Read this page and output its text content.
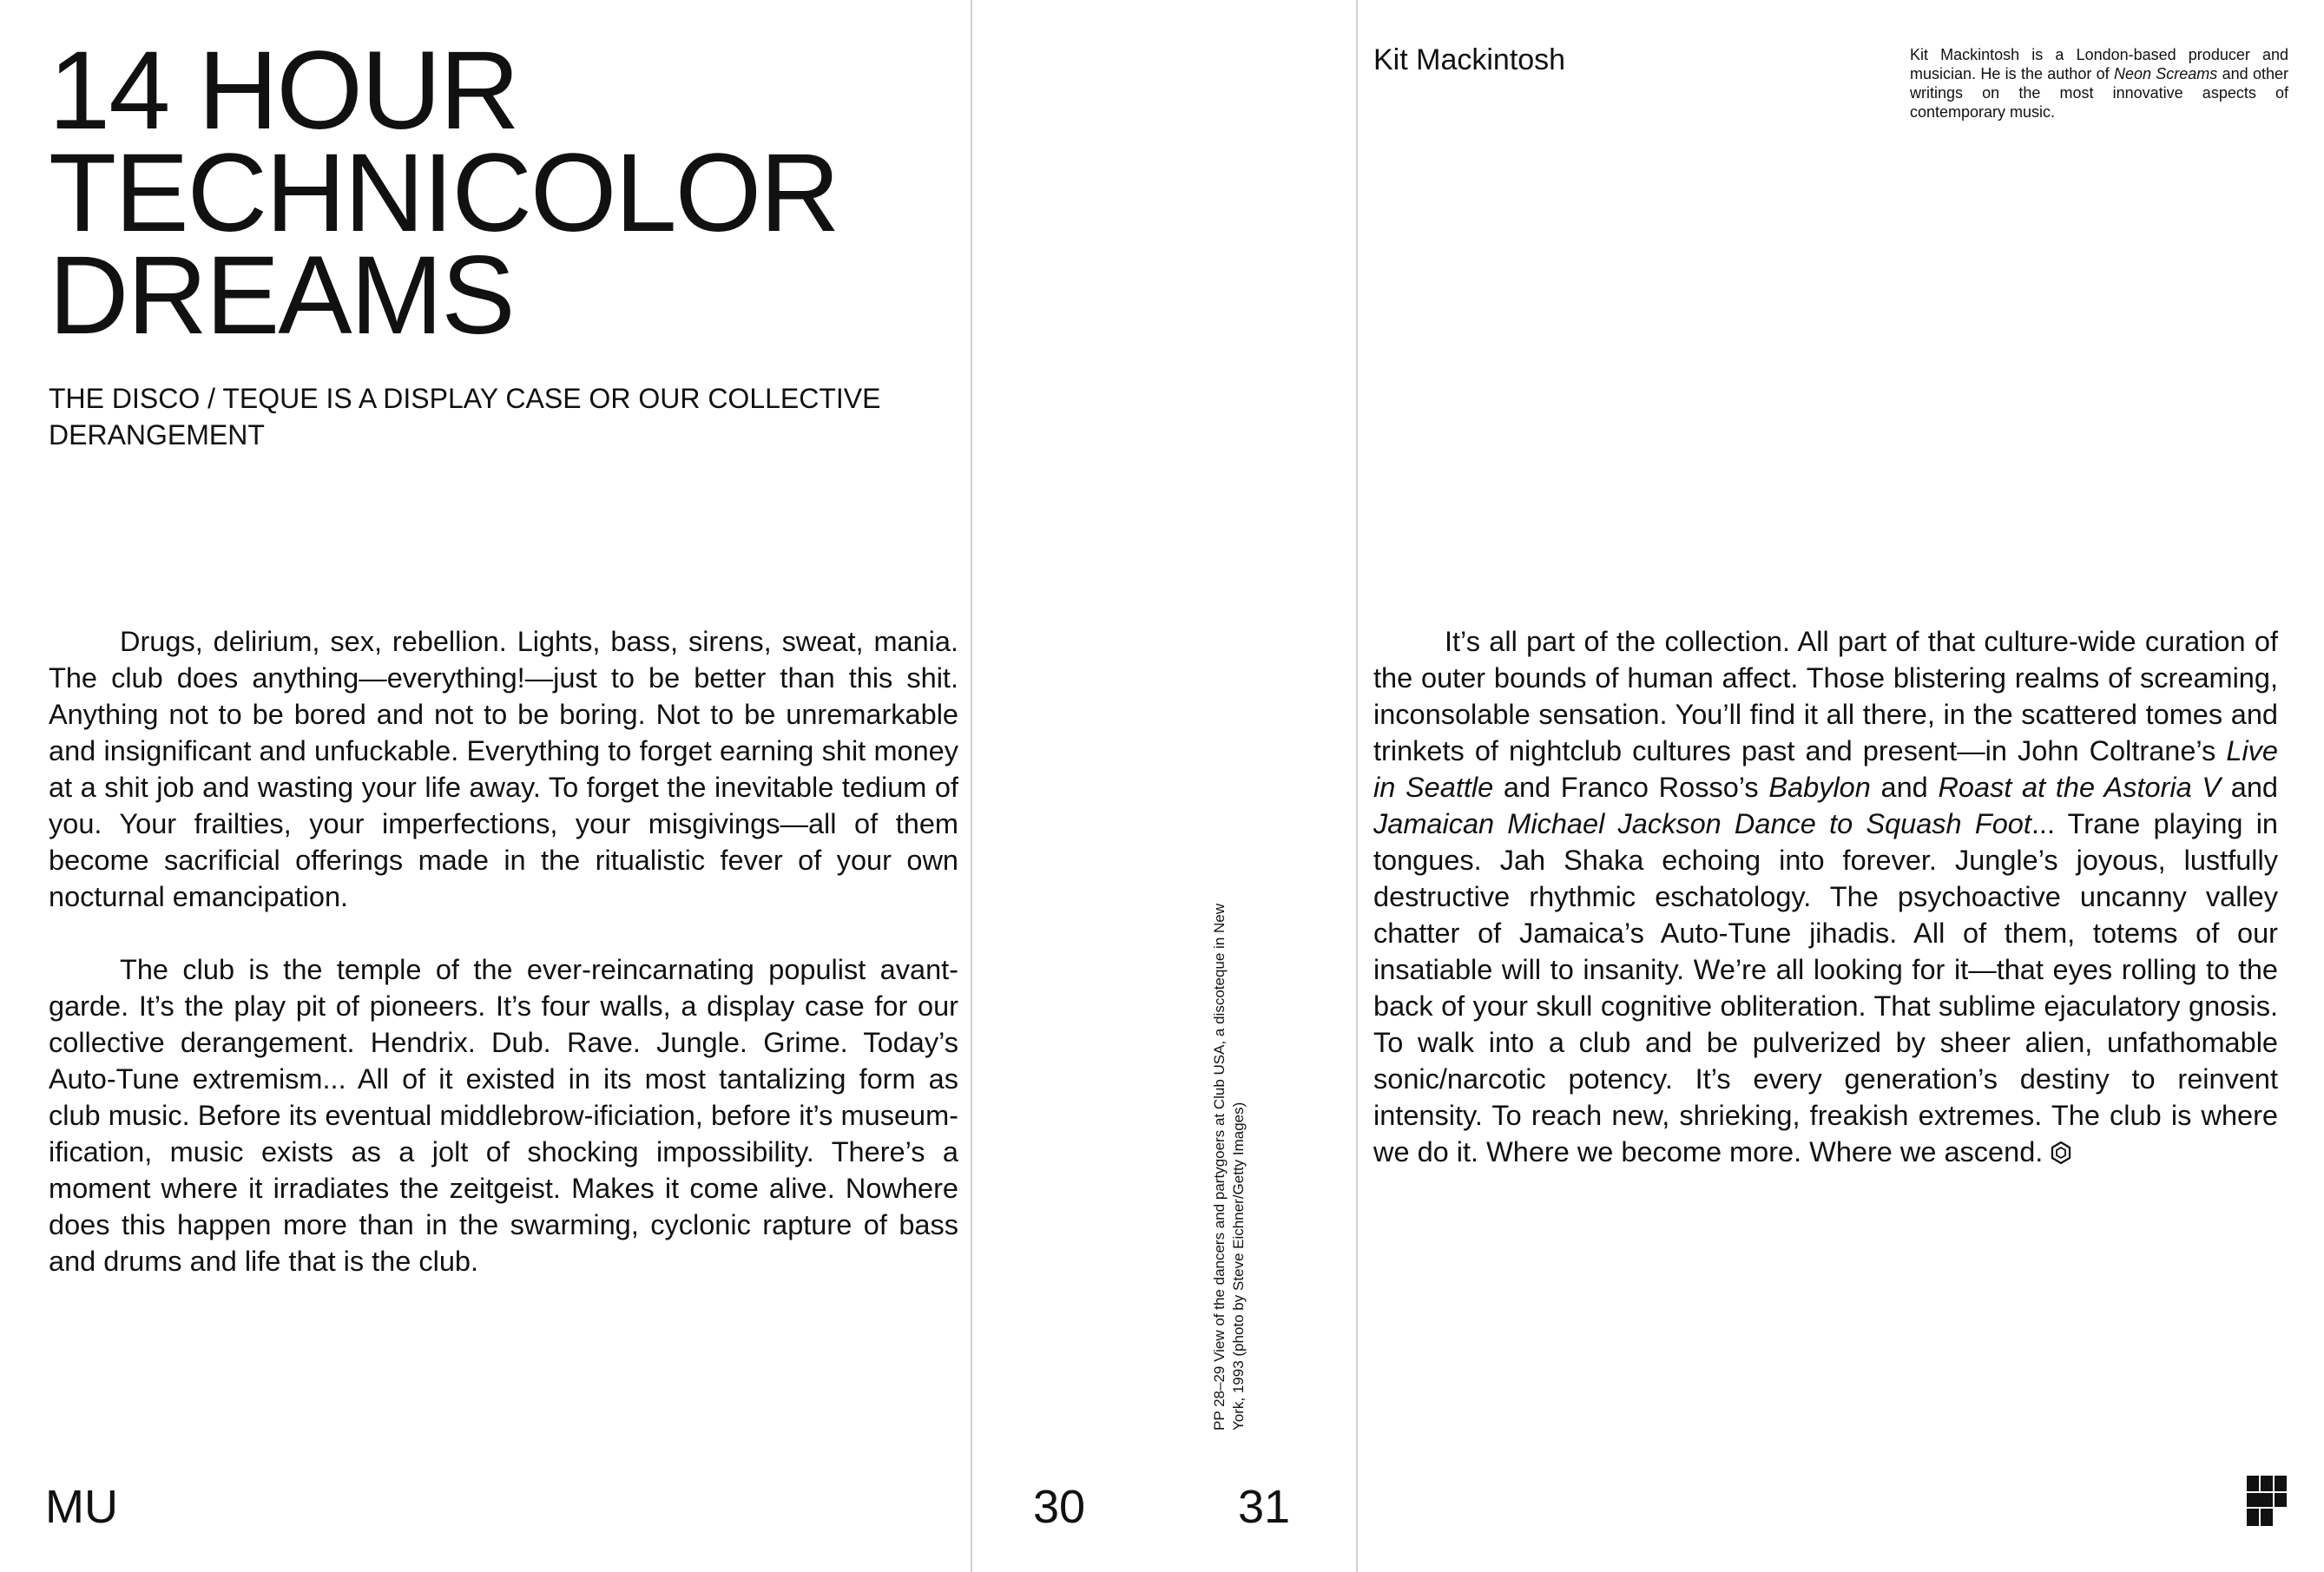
14 HOUR
TECHNICOLOR
DREAMS
THE DISCO / TEQUE IS A DISPLAY CASE OR OUR COLLECTIVE DERANGEMENT

Drugs, delirium, sex, rebellion. Lights, bass, sirens, sweat, mania. The club does anything—everything!—just to be better than this shit. Anything not to be bored and not to be boring. Not to be unremarkable and insignificant and unfuckable. Everything to forget earning shit money at a shit job and wasting your life away. To forget the inevitable tedium of you. Your frailties, your imperfections, your misgivings—all of them become sacrificial offerings made in the ritualistic fever of your own nocturnal emancipation.

The club is the temple of the ever-reincarnating populist avant-garde. It’s the play pit of pioneers. It’s four walls, a display case for our collective derangement. Hendrix. Dub. Rave. Jungle. Grime. Today’s Auto-Tune extremism... All of it existed in its most tantalizing form as club music. Before its eventual middlebrow-ificiation, before it’s museum-ification, music exists as a jolt of shocking impossibility. There’s a moment where it irradiates the zeitgeist. Makes it come alive. Nowhere does this happen more than in the swarming, cyclonic rapture of bass and drums and life that is the club.

MU	30
PP 28–29 View of the dancers and partygoers at Club USA, a discoteque in New York, 1993 (photo by Steve Eichner/Getty Images)
31
Kit Mackintosh	Kit Mackintosh is a London-based producer and musician. He is the author of Neon Screams and other writings on the most innovative aspects of contemporary music.

It’s all part of the collection. All part of that culture-wide curation of the outer bounds of human affect. Those blistering realms of screaming, inconsolable sensation. You’ll find it all there, in the scattered tomes and trinkets of nightclub cultures past and present—in John Coltrane’s Live in Seattle and Franco Rosso’s Babylon and Roast at the Astoria V and Jamaican Michael Jackson Dance to Squash Foot... Trane playing in tongues. Jah Shaka echoing into forever. Jungle’s joyous, lustfully destructive rhythmic eschatology. The psychoactive uncanny valley chatter of Jamaica’s Auto-Tune jihadis. All of them, totems of our insatiable will to insanity. We’re all looking for it—that eyes rolling to the back of your skull cognitive obliteration. That sublime ejaculatory gnosis. To walk into a club and be pulverized by sheer alien, unfathomable sonic/narcotic potency. It’s every generation’s destiny to reinvent intensity. To reach new, shrieking, freakish extremes. The club is where we do it. Where we become more. Where we ascend.
